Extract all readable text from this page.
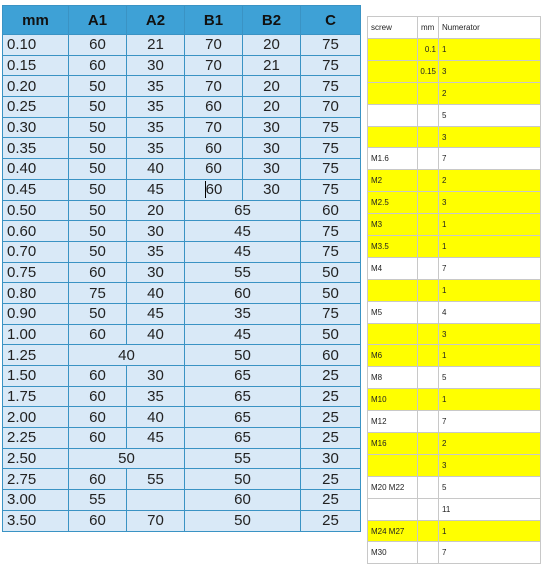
mm	A1	A2	B1	B2	C
0.10	60	21	70	20	75
0.15	60	30	70	21	75
0.20	50	35	70	20	75
0.25	50	35	60	20	70
0.30	50	35	70	30	75
0.35	50	35	60	30	75
0.40	50	40	60	30	75
0.45	50	45	60	30	75
0.50	50	20	65		60
0.60	50	30	45		75
0.70	50	35	45		75
0.75	60	30	55		50
0.80	75	40	60		50
0.90	50	45	35		75
1.00	60	40	45		50
1.25	40		50		60
1.50	60	30	65		25
1.75	60	35	65		25
2.00	60	40	65		25
2.25	60	45	65		25
2.50	50		55		30
2.75	60	55	50		25
3.00	55		60		25
3.50	60	70	50		25
screw	mm	Numerator
	0.1	1
	0.15	3
		2
		5
		3
M1.6		7
M2		2
M2.5		3
M3		1
M3.5		1
M4		7
		1
M5		4
		3
M6		1
M8		5
M10		1
M12		7
M16		2
		3
M20 M22		5
		11
M24 M27		1
M30		7
